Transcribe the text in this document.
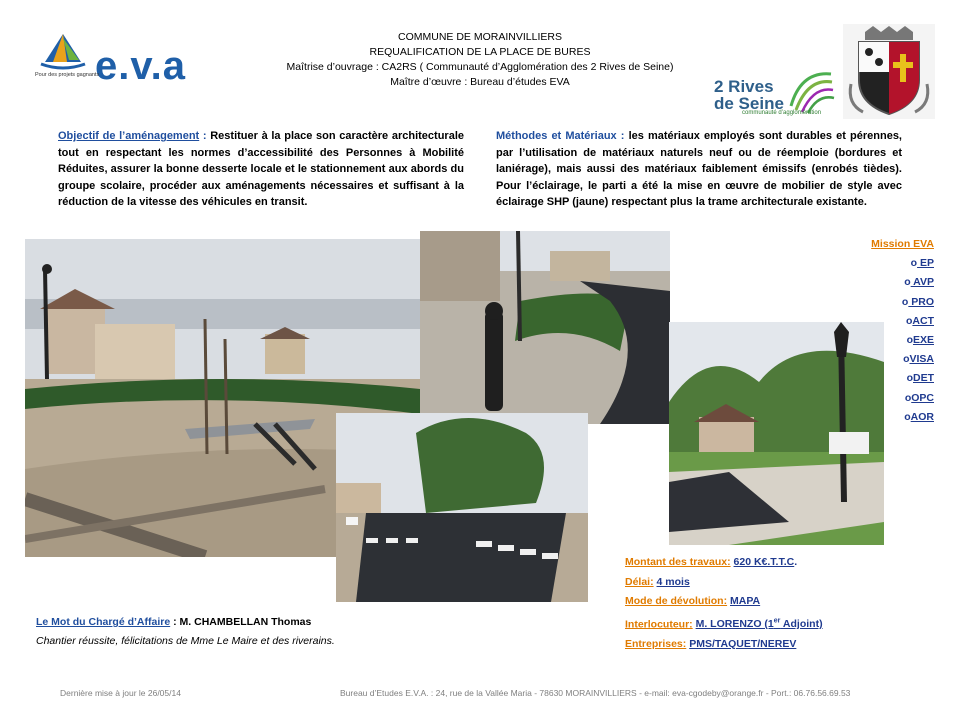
COMMUNE DE MORAINVILLIERS
REQUALIFICATION DE LA PLACE DE BURES
Maîtrise d’ouvrage : CA2RS ( Communauté d’Agglomération des 2 Rives de Seine)
Maître d’œuvre : Bureau d’études EVA
e.v.a
Pour des projets gagnants
2 Rives
de Seine
communauté d’agglomération
Objectif de l’aménagement : Restituer à la place son caractère architecturale tout en respectant les normes d’accessibilité des Personnes à Mobilité Réduites, assurer la bonne desserte locale et le stationnement aux abords du groupe scolaire, procéder aux aménagements nécessaires et suffisant à la réduction de la vitesse des véhicules en transit.
Méthodes et Matériaux : les matériaux employés sont durables et pérennes, par l’utilisation de matériaux naturels neuf ou de réemploie (bordures et laniérage), mais aussi des matériaux faiblement émissifs (enrobés tièdes). Pour l’éclairage, le parti a été la mise en œuvre de mobilier de style avec éclairage SHP (jaune) respectant plus la trame architecturale existante.
Mission EVA
o EP
o AVP
o PRO
oACT
oEXE
oVISA
oDET
oOPC
oAOR
Montant des travaux: 620 K€.T.T.C.
Délai: 4 mois
Mode de dévolution: MAPA
Interlocuteur: M. LORENZO (1er Adjoint)
Entreprises: PMS/TAQUET/NEREV
Le Mot du Chargé d’Affaire : M. CHAMBELLAN Thomas
Chantier réussite, félicitations de Mme Le Maire et des riverains.
Dernière mise à jour le 26/05/14	Bureau d’Etudes E.V.A. : 24, rue de la Vallée Maria - 78630 MORAINVILLIERS - e-mail: eva-cgodeby@orange.fr - Port.: 06.76.56.69.53
